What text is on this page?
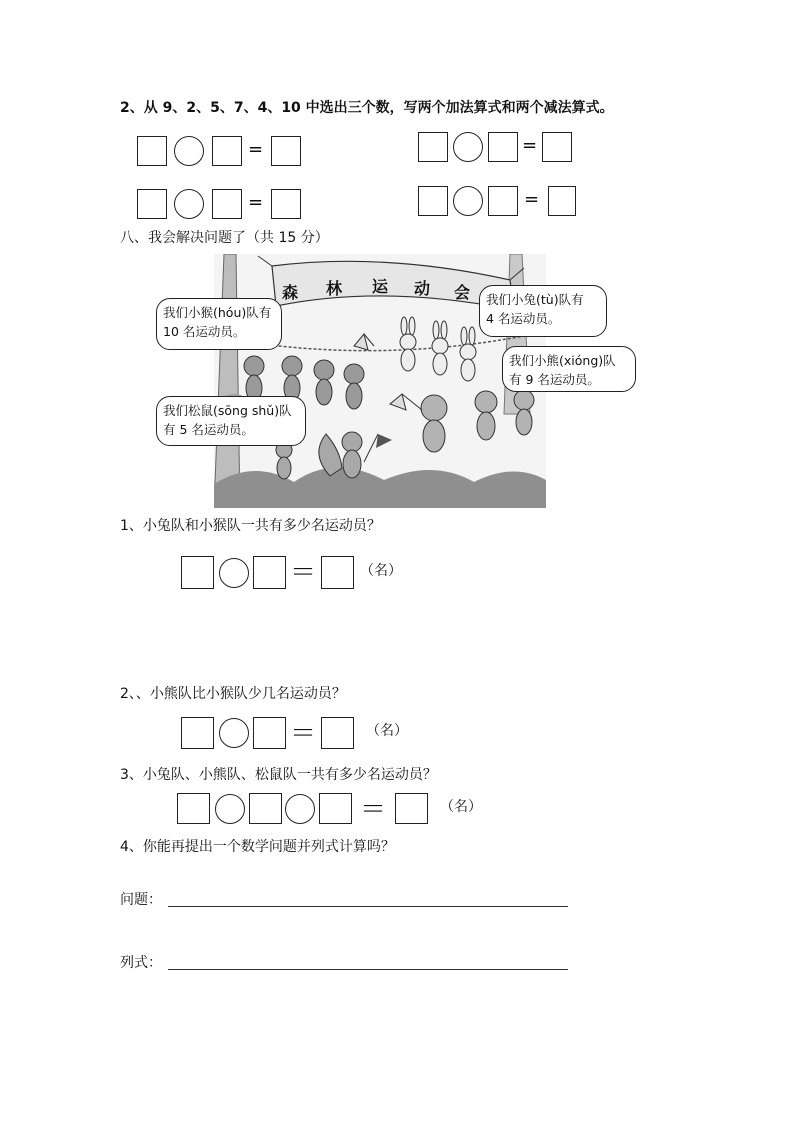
2、从 9、2、5、7、4、10 中选出三个数，写两个加法算式和两个减法算式。
=	=
=	=
八、我会解决问题了（共 15 分）
森 林 运 动 会
我们小猴(hóu)队有
10 名运动员。
我们小兔(tù)队有
4 名运动员。
我们小熊(xióng)队
有 9 名运动员。
我们松鼠(sōng shǔ)队
有 5 名运动员。
1、小兔队和小猴队一共有多少名运动员？
＝	（名）
2、、小熊队比小猴队少几名运动员？
＝	（名）
3、小兔队、小熊队、松鼠队一共有多少名运动员？
＝	（名）
4、你能再提出一个数学问题并列式计算吗？
问题：
列式：
